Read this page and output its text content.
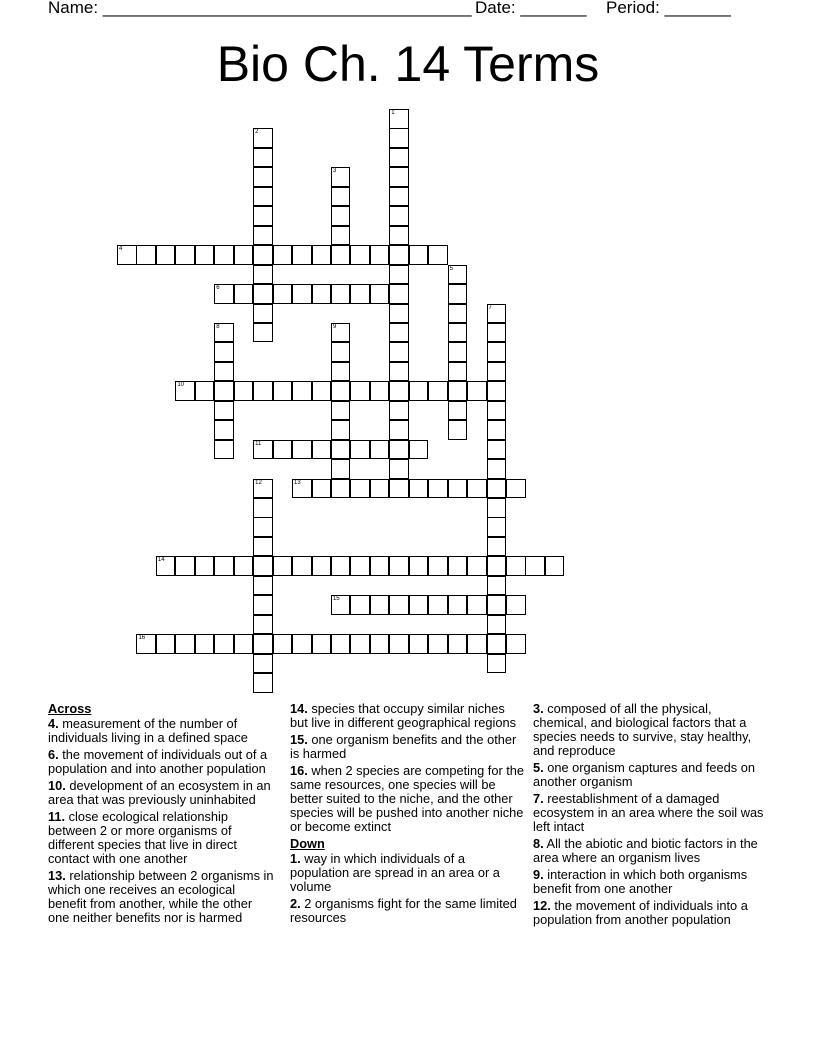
Name: _______________________________________ Date: _______ Period: _______
Bio Ch. 14 Terms
1
2
3
4
5
6
7
8	9
10
11
12	13
14
15
16
Across
4. measurement of the number of individuals living in a defined space
6. the movement of individuals out of a population and into another population
10. development of an ecosystem in an area that was previously uninhabited
11. close ecological relationship between 2 or more organisms of different species that live in direct contact with one another
13. relationship between 2 organisms in which one receives an ecological benefit from another, while the other one neither benefits nor is harmed
14. species that occupy similar niches but live in different geographical regions
15. one organism benefits and the other is harmed
16. when 2 species are competing for the same resources, one species will be better suited to the niche, and the other species will be pushed into another niche or become extinct
Down
1. way in which individuals of a population are spread in an area or a volume
2. 2 organisms fight for the same limited resources
3. composed of all the physical, chemical, and biological factors that a species needs to survive, stay healthy, and reproduce
5. one organism captures and feeds on another organism
7. reestablishment of a damaged ecosystem in an area where the soil was left intact
8. All the abiotic and biotic factors in the area where an organism lives
9. interaction in which both organisms benefit from one another
12. the movement of individuals into a population from another population
